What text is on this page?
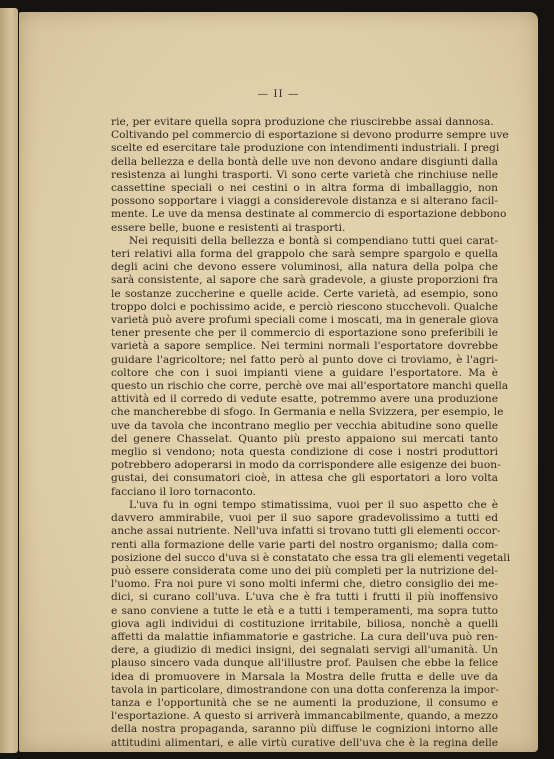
— II —
rie, per evitare quella sopra produzione che riuscirebbe assai dannosa.
Coltivando pel commercio di esportazione si devono produrre sempre uve
scelte ed esercitare tale produzione con intendimenti industriali. I pregi
della bellezza e della bontà delle uve non devono andare disgiunti dalla
resistenza ai lunghi trasporti. Vi sono certe varietà che rinchiuse nelle
cassettine speciali o nei cestini o in altra forma di imballaggio, non
possono sopportare i viaggi a considerevole distanza e si alterano facil-
mente. Le uve da mensa destinate al commercio di esportazione debbono
essere belle, buone e resistenti ai trasporti.
Nei requisiti della bellezza e bontà si compendiano tutti quei carat-
teri relativi alla forma del grappolo che sarà sempre spargolo e quella
degli acini che devono essere voluminosi, alla natura della polpa che
sarà consistente, al sapore che sarà gradevole, a giuste proporzioni fra
le sostanze zuccherine e quelle acide. Certe varietà, ad esempio, sono
troppo dolci e pochissimo acide, e perciò riescono stucchevoli. Qualche
varietà può avere profumi speciali come i moscati, ma in generale giova
tener presente che per il commercio di esportazione sono preferibili le
varietà a sapore semplice. Nei termini normali l'esportatore dovrebbe
guidare l'agricoltore; nel fatto però al punto dove ci troviamo, è l'agri-
coltore che con i suoi impianti viene a guidare l'esportatore. Ma è
questo un rischio che corre, perchè ove mai all'esportatore manchi quella
attività ed il corredo di vedute esatte, potremmo avere una produzione
che mancherebbe di sfogo. In Germania e nella Svizzera, per esempio, le
uve da tavola che incontrano meglio per vecchia abitudine sono quelle
del genere Chasselat. Quanto più presto appaiono sui mercati tanto
meglio si vendono; nota questa condizione di cose i nostri produttori
potrebbero adoperarsi in modo da corrispondere alle esigenze dei buon-
gustai, dei consumatori cioè, in attesa che gli esportatori a loro volta
facciano il loro tornaconto.
L'uva fu in ogni tempo stimatissima, vuoi per il suo aspetto che è
davvero ammirabile, vuoi per il suo sapore gradevolissimo a tutti ed
anche assai nutriente. Nell'uva infatti si trovano tutti gli elementi occor-
renti alla formazione delle varie parti del nostro organismo; dalla com-
posizione del succo d'uva si è constatato che essa tra gli elementi vegetali
può essere considerata come uno dei più completi per la nutrizione del-
l'uomo. Fra noi pure vi sono molti infermi che, dietro consiglio dei me-
dici, si curano coll'uva. L'uva che è fra tutti i frutti il più inoffensivo
e sano conviene a tutte le età e a tutti i temperamenti, ma sopra tutto
giova agli individui di costituzione irritabile, biliosa, nonchè a quelli
affetti da malattie infiammatorie e gastriche. La cura dell'uva può ren-
dere, a giudizio di medici insigni, dei segnalati servigi all'umanità. Un
plauso sincero vada dunque all'illustre prof. Paulsen che ebbe la felice
idea di promuovere in Marsala la Mostra delle frutta e delle uve da
tavola in particolare, dimostrandone con una dotta conferenza la impor-
tanza e l'opportunità che se ne aumenti la produzione, il consumo e
l'esportazione. A questo si arriverà immancabilmente, quando, a mezzo
della nostra propaganda, saranno più diffuse le cognizioni intorno alle
attitudini alimentari, e alle virtù curative dell'uva che è la regina delle
